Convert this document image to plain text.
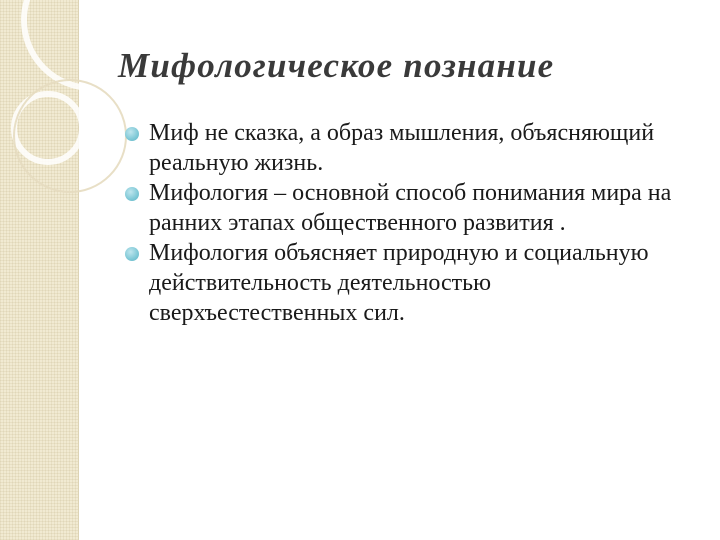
Мифологическое познание
Миф не сказка, а образ мышления, объясняющий реальную жизнь.
Мифология – основной способ понимания мира на ранних этапах общественного развития .
Мифология объясняет природную и социальную действительность деятельностью сверхъестественных сил.
